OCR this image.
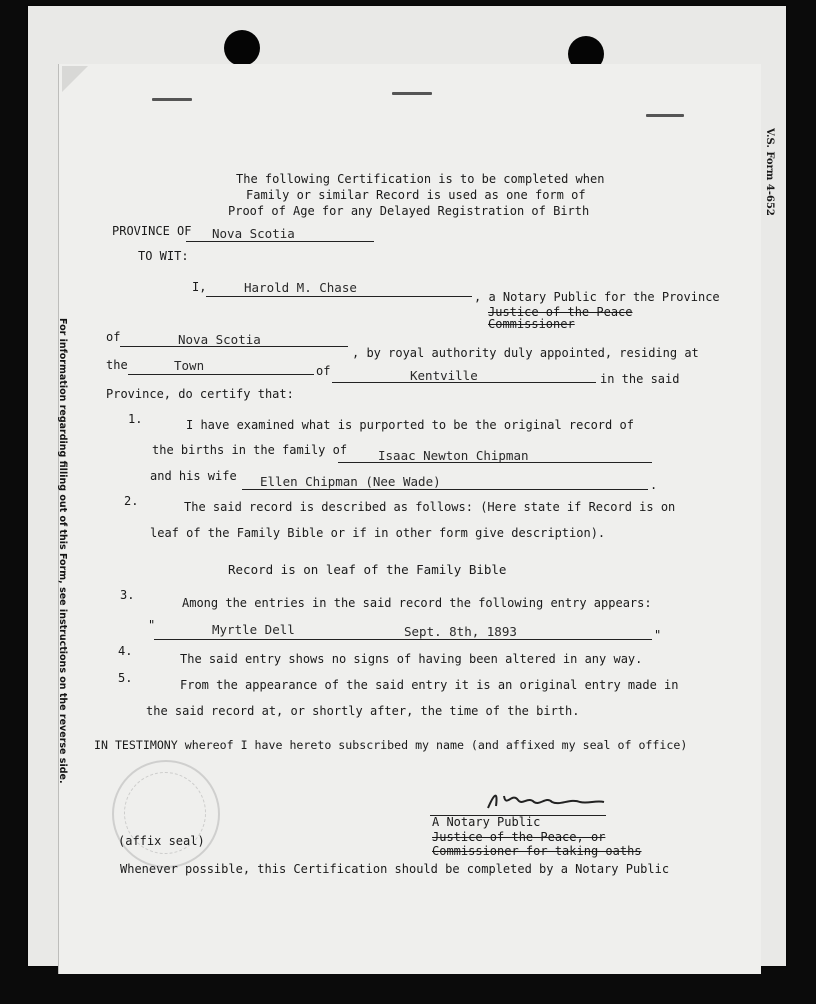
V.S. Form 4-652
For information regarding filling out of this Form, see instructions on the reverse side.
The following Certification is to be completed when
Family or similar Record is used as one form of
Proof of Age for any Delayed Registration of Birth
PROVINCE OF Nova Scotia
TO WIT:
I,	Harold M. Chase
, a Notary Public for the Province
Justice of the Peace
Commissioner
of	Nova Scotia
, by royal authority duly appointed, residing at
the	Town	of	Kentville	in the said
Province, do certify that:
1.	I have examined what is purported to be the original record of
the births in the family of Isaac Newton Chipman
and his wife Ellen Chipman (Nee Wade)	.
2.	The said record is described as follows: (Here state if Record is on
leaf of the Family Bible or if in other form give description).
Record is on leaf of the Family Bible
3.
Among the entries in the said record the following entry appears:
"	Myrtle Dell	Sept. 8th, 1893	"
4.
The said entry shows no signs of having been altered in any way.
5.	From the appearance of the said entry it is an original entry made in
the said record at, or shortly after, the time of the birth.
IN TESTIMONY whereof I have hereto subscribed my name (and affixed my seal of office)
A Notary Public
Justice of the Peace, or
Commissioner for taking oaths
(affix seal)
Whenever possible, this Certification should be completed by a Notary Public
